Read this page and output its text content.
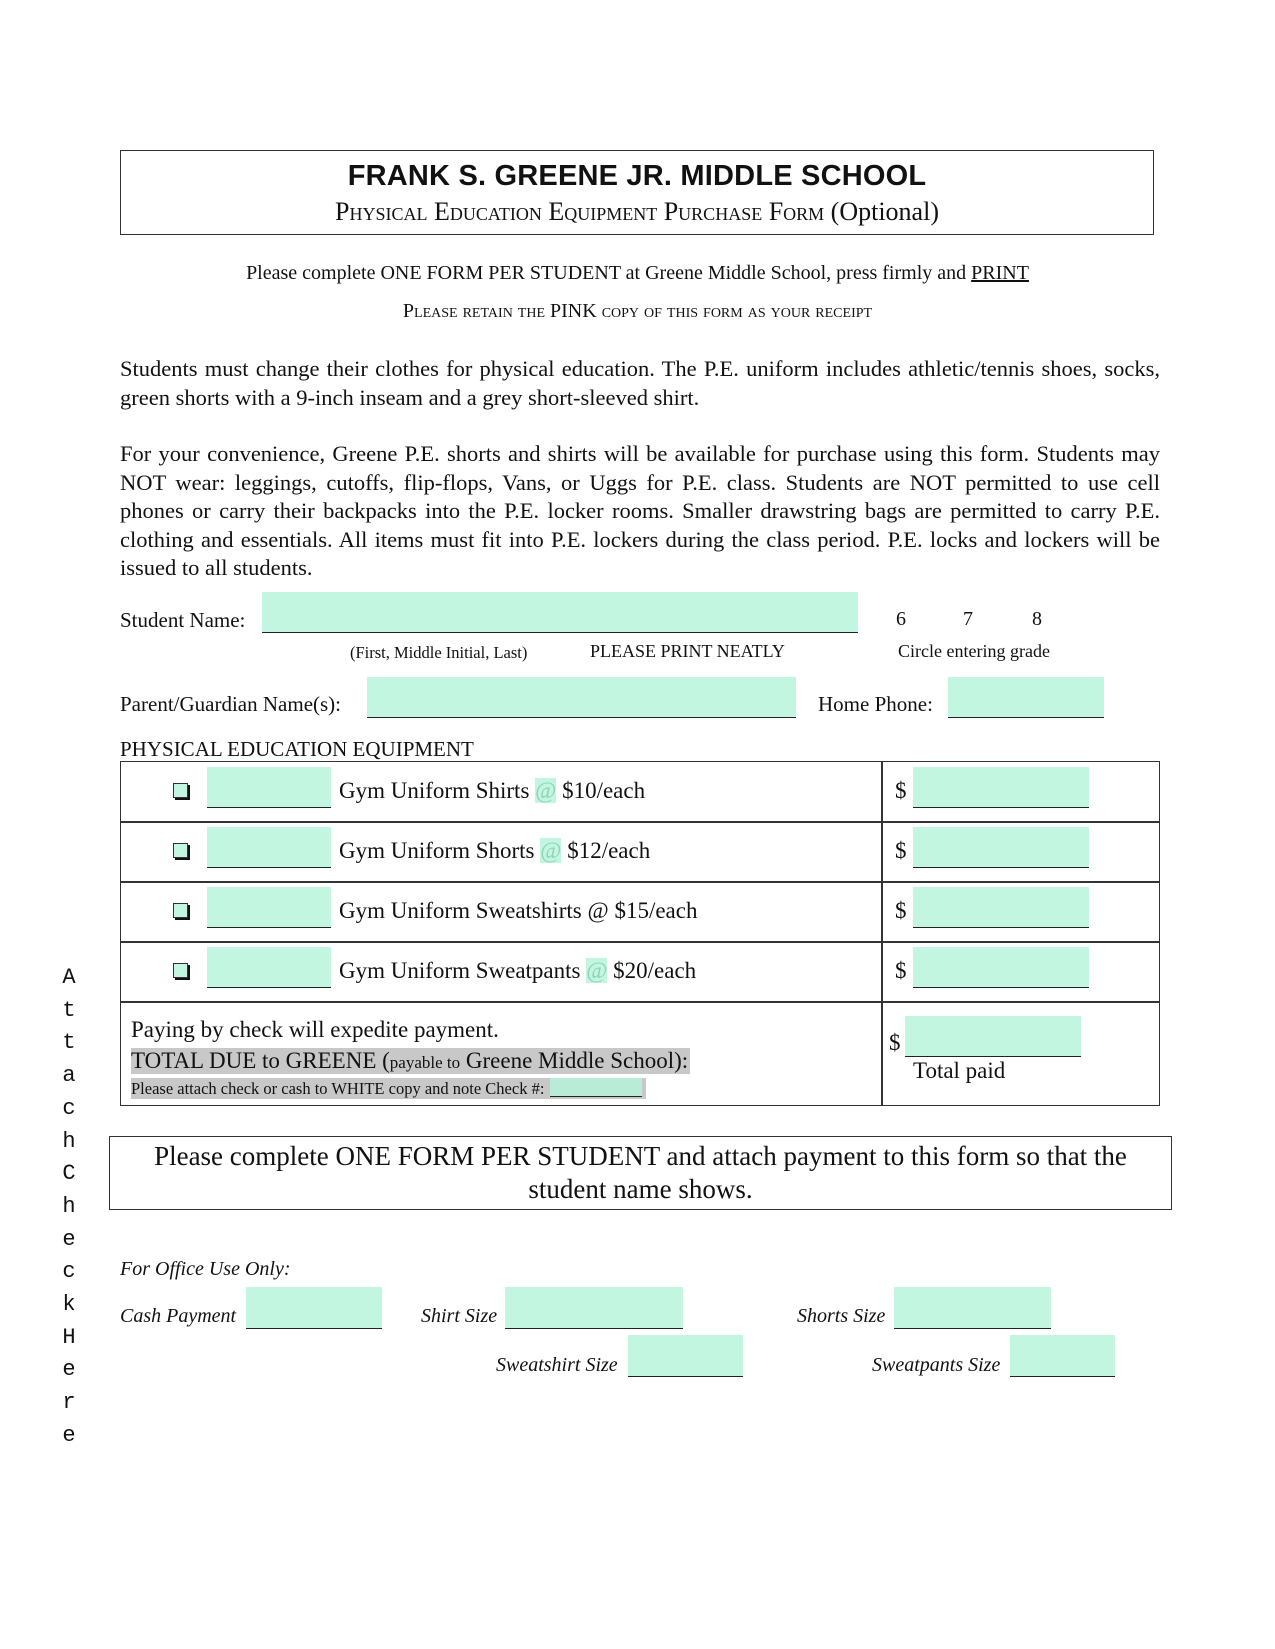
FRANK S. GREENE JR. MIDDLE SCHOOL
Physical Education Equipment Purchase Form (Optional)
Please complete ONE FORM PER STUDENT at Greene Middle School, press firmly and PRINT
Please retain the PINK copy of this form as your receipt
Students must change their clothes for physical education. The P.E. uniform includes athletic/tennis shoes, socks, green shorts with a 9-inch inseam and a grey short-sleeved shirt.
For your convenience, Greene P.E. shorts and shirts will be available for purchase using this form. Students may NOT wear: leggings, cutoffs, flip-flops, Vans, or Uggs for P.E. class. Students are NOT permitted to use cell phones or carry their backpacks into the P.E. locker rooms. Smaller drawstring bags are permitted to carry P.E. clothing and essentials. All items must fit into P.E. lockers during the class period. P.E. locks and lockers will be issued to all students.
Student Name:	6	7	8
(First, Middle Initial, Last)	PLEASE PRINT NEATLY	Circle entering grade
Parent/Guardian Name(s):	Home Phone:
PHYSICAL EDUCATION EQUIPMENT
Gym Uniform Shirts @ $10/each	$
Gym Uniform Shorts @ $12/each	$
Gym Uniform Sweatshirts @ $15/each	$
Gym Uniform Sweatpants @ $20/each	$
Paying by check will expedite payment.
TOTAL DUE to GREENE (payable to Greene Middle School):
Please attach check or cash to WHITE copy and note Check #:
$
Total paid
Please complete ONE FORM PER STUDENT and attach payment to this form so that the student name shows.
For Office Use Only:
Cash Payment	Shirt Size	Shorts Size
Sweatshirt Size	Sweatpants Size
A
t
t
a
c
h
C
h
e
c
k
H
e
r
e
